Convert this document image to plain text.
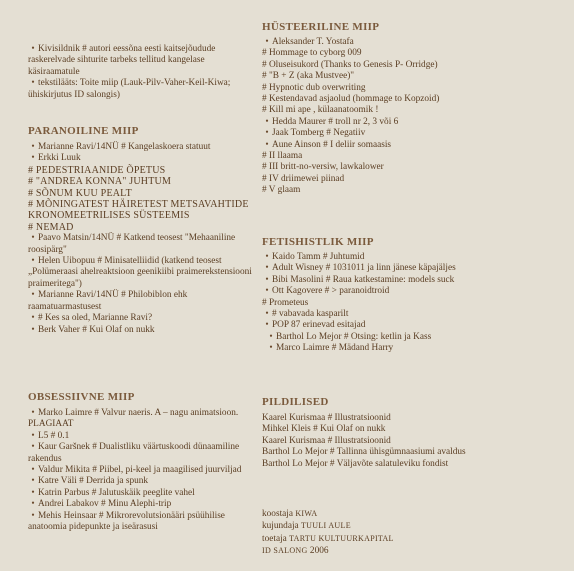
• Kivisildnik # autori eessõna eesti kaitsejõudude raskerelvade sihturite tarbeks tellitud kangelase käsiraamatule

• tekstilääts: Toite miip (Lauk-Pilv-Vaher-Keil-Kiwa; ühiskirjutus ID salongis)

PARANOILINE MIIP

• Marianne Ravi/14NÜ # Kangelaskoera statuut

• Erkki Luuk

# PEDESTRIAANIDE ÕPETUS

# "ANDREA KONNA" JUHTUM

# SÕNUM KUU PEALT

# MÕNINGATEST HÄIRETEST METSAVAHTIDE KRONOMEETRILISES SÜSTEEMIS

# NEMAD

• Paavo Matsin/14NÜ # Katkend teosest "Mehaaniline roosipärg"

• Helen Uibopuu # Minisatelliidid (katkend teosest „Polümeraasi ahelreaktsioon geenikiibi praimerekstensiooni praimeritega")

• Marianne Ravi/14NÜ # Philobiblon ehk raamatuarmastusest

• # Kes sa oled, Marianne Ravi?

• Berk Vaher # Kui Olaf on nukk

OBSESSIIVNE MIIP

• Marko Laimre # Valvur naeris. A – nagu animatsioon. PLAGIAAT

• L5 # 0.1

• Kaur Garšnek # Dualistliku väärtuskoodi dünaamiline rakendus

• Valdur Mikita # Piibel, pi-keel ja maagilised juurviljad

• Katre Väli # Derrida ja spunk

• Katrin Parbus # Jalutuskäik peeglite vahel

• Andrei Labakov # Minu Alephi-trip

• Mehis Heinsaar # Mikrorevolutsionääri psüühilise anatoomia pidepunkte ja iseärasusi

HÜSTEERILINE MIIP

• Aleksander T. Yostafa

# Hommage to cyborg 009

# Oluseisukord (Thanks to Genesis P- Orridge)

# "B + Z (aka Mustvee)"

# Hypnotic dub overwriting

# Kestendavad asjaolud (hommage to Kopzoid)

# Kill mi ape , külaanatoomik !

• Hedda Maurer # troll nr 2, 3 või 6

• Jaak Tomberg # Negatiiv

• Aune Ainson # I deliir somaasis

# II llaama

# III britt-no-versiw, lawkalower

# IV driimewei piinad

# V glaam

FETISHISTLIK MIIP

• Kaido Tamm # Juhtumid

• Adult Wisney # 1031011 ja linn jänese käpajäljes

• Bibi Masolini # Raua katkestamine: models suck

• Ott Kagovere # > paranoidtroid

# Prometeus

• # vabavada kasparilt

• POP 87 erinevad esitajad

• Barthol Lo Mejor # Otsing: ketlin ja Kass

• Marco Laimre # Mädand Harry

PILDILISED

Kaarel Kurismaa # Illustratsioonid

Mihkel Kleis # Kui Olaf on nukk

Kaarel Kurismaa # Illustratsioonid

Barthol Lo Mejor # Tallinna ühisgümnaasiumi avaldus

Barthol Lo Mejor # Väljavõte salatuleviku fondist

koostaja KIWA

kujundaja TUULI AULE

toetaja TARTU KULTUURKAPITAL

ID SALONG 2006
